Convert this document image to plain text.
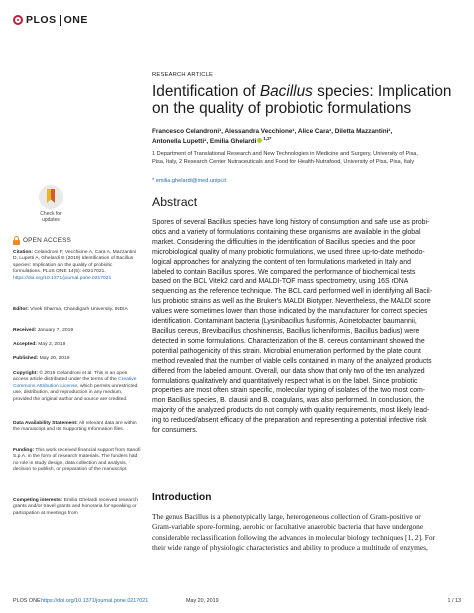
PLOS ONE
RESEARCH ARTICLE
Identification of Bacillus species: Implication
on the quality of probiotic formulations
Francesco Celandroni¹, Alessandra Vecchione¹, Alice Cara¹, Diletta Mazzantini¹,
Antonella Lupetti¹, Emilia Ghelardi $^{1,2*}$
1 Department of Translational Research and New Technologies in Medicine and Surgery, University of Pisa,
Pisa, Italy, 2 Research Center Nutraceuticals and Food for Health-Nutrafood, University of Pisa, Pisa, Italy
* emilia.ghelardi@med.unipi.it
Abstract
Spores of several Bacillus species have long history of consumption and safe use as probi-
otics and a variety of formulations containing these organisms are available in the global
market. Considering the difficulties in the identification of Bacillus species and the poor
microbiological quality of many probiotic formulations, we used three up-to-date methodo-
logical approaches for analyzing the content of ten formulations marketed in Italy and
labeled to contain Bacillus spores. We compared the performance of biochemical tests
based on the BCL Vitek2 card and MALDI-TOF mass spectrometry, using 16S rDNA
sequencing as the reference technique. The BCL card performed well in identifying all Bacil-
lus probiotic strains as well as the Bruker's MALDI Biotyper. Nevertheless, the MALDI score
values were sometimes lower than those indicated by the manufacturer for correct species
identification. Contaminant bacteria (Lysinibacillus fusiformis, Acinetobacter baumannii,
Bacillus cereus, Brevibacillus choshinensis, Bacillus licheniformis, Bacillus badius) were
detected in some formulations. Characterization of the B. cereus contaminant showed the
potential pathogenicity of this strain. Microbial enumeration performed by the plate count
method revealed that the number of viable cells contained in many of the analyzed products
differed from the labeled amount. Overall, our data show that only two of the ten analyzed
formulations qualitatively and quantitatively respect what is on the label. Since probiotic
properties are most often strain specific, molecular typing of isolates of the two most com-
mon Bacillus species, B. clausii and B. coagulans, was also performed. In conclusion, the
majority of the analyzed products do not comply with quality requirements, most likely lead-
ing to reduced/absent efficacy of the preparation and representing a potential infective risk
for consumers.
Introduction
The genus Bacillus is a phenotypically large, heterogeneous collection of Gram-positive or
Gram-variable spore-forming, aerobic or facultative anaerobic bacteria that have undergone
considerable reclassification following the advances in molecular biology techniques [1, 2]. For
their wide range of physiologic characteristics and ability to produce a multitude of enzymes,
Check for
updates
OPEN ACCESS
Citation: Celandroni F, Vecchione A, Cara A, Mazzantini D, Lupetti A, Ghelardi E (2019) Identification of Bacillus species: Implication on the quality of probiotic formulations. PLoS ONE 14(5): e0217021. https://doi.org/10.1371/journal.pone.0217021
Editor: Vivek Sharma, Chandigarh University, INDIA
Received: January 7, 2019
Accepted: May 2, 2019
Published: May 20, 2019
Copyright: © 2019 Celandroni et al. This is an open access article distributed under the terms of the Creative Commons Attribution License, which permits unrestricted use, distribution, and reproduction in any medium, provided the original author and source are credited.
Data Availability Statement: All relevant data are within the manuscript and its Supporting Information files.
Funding: This work received financial support from Sanofi S.p.A. in the form of research materials. The funders had no role in study design, data collection and analysis, decision to publish, or preparation of the manuscript.
Competing interests: Emilia Ghelardi received research grants and/or travel grants and honoraria for speaking or participation at meetings from
PLOS ONE https://doi.org/10.1371/journal.pone.0217021	May 20, 2019	1 / 13
